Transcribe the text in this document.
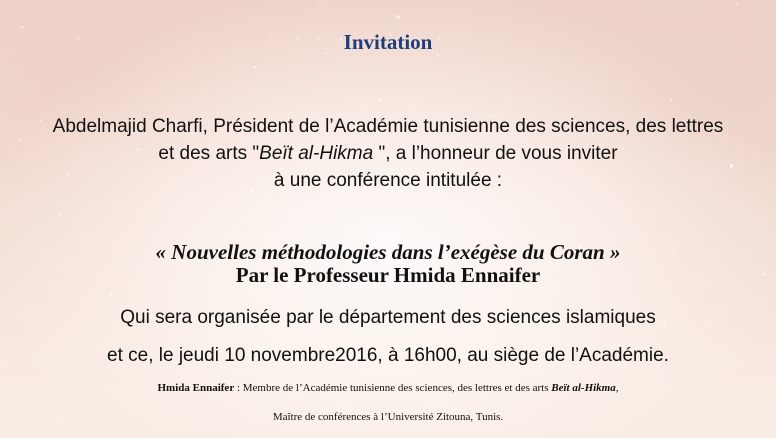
Invitation
Abdelmajid Charfi, Président de l’Académie tunisienne des sciences, des lettres
et des arts "Beït al-Hikma ", a l’honneur de vous inviter
à une conférence intitulée :
« Nouvelles méthodologies dans l’exégèse du Coran »
Par le Professeur Hmida Ennaifer
Qui sera organisée par le département des sciences islamiques
et ce, le jeudi 10 novembre2016, à 16h00, au siège de l’Académie.
Hmida Ennaifer : Membre de l’Académie tunisienne des sciences, des lettres et des arts Beït al-Hikma,
Maître de conférences à l’Université Zitouna, Tunis.
